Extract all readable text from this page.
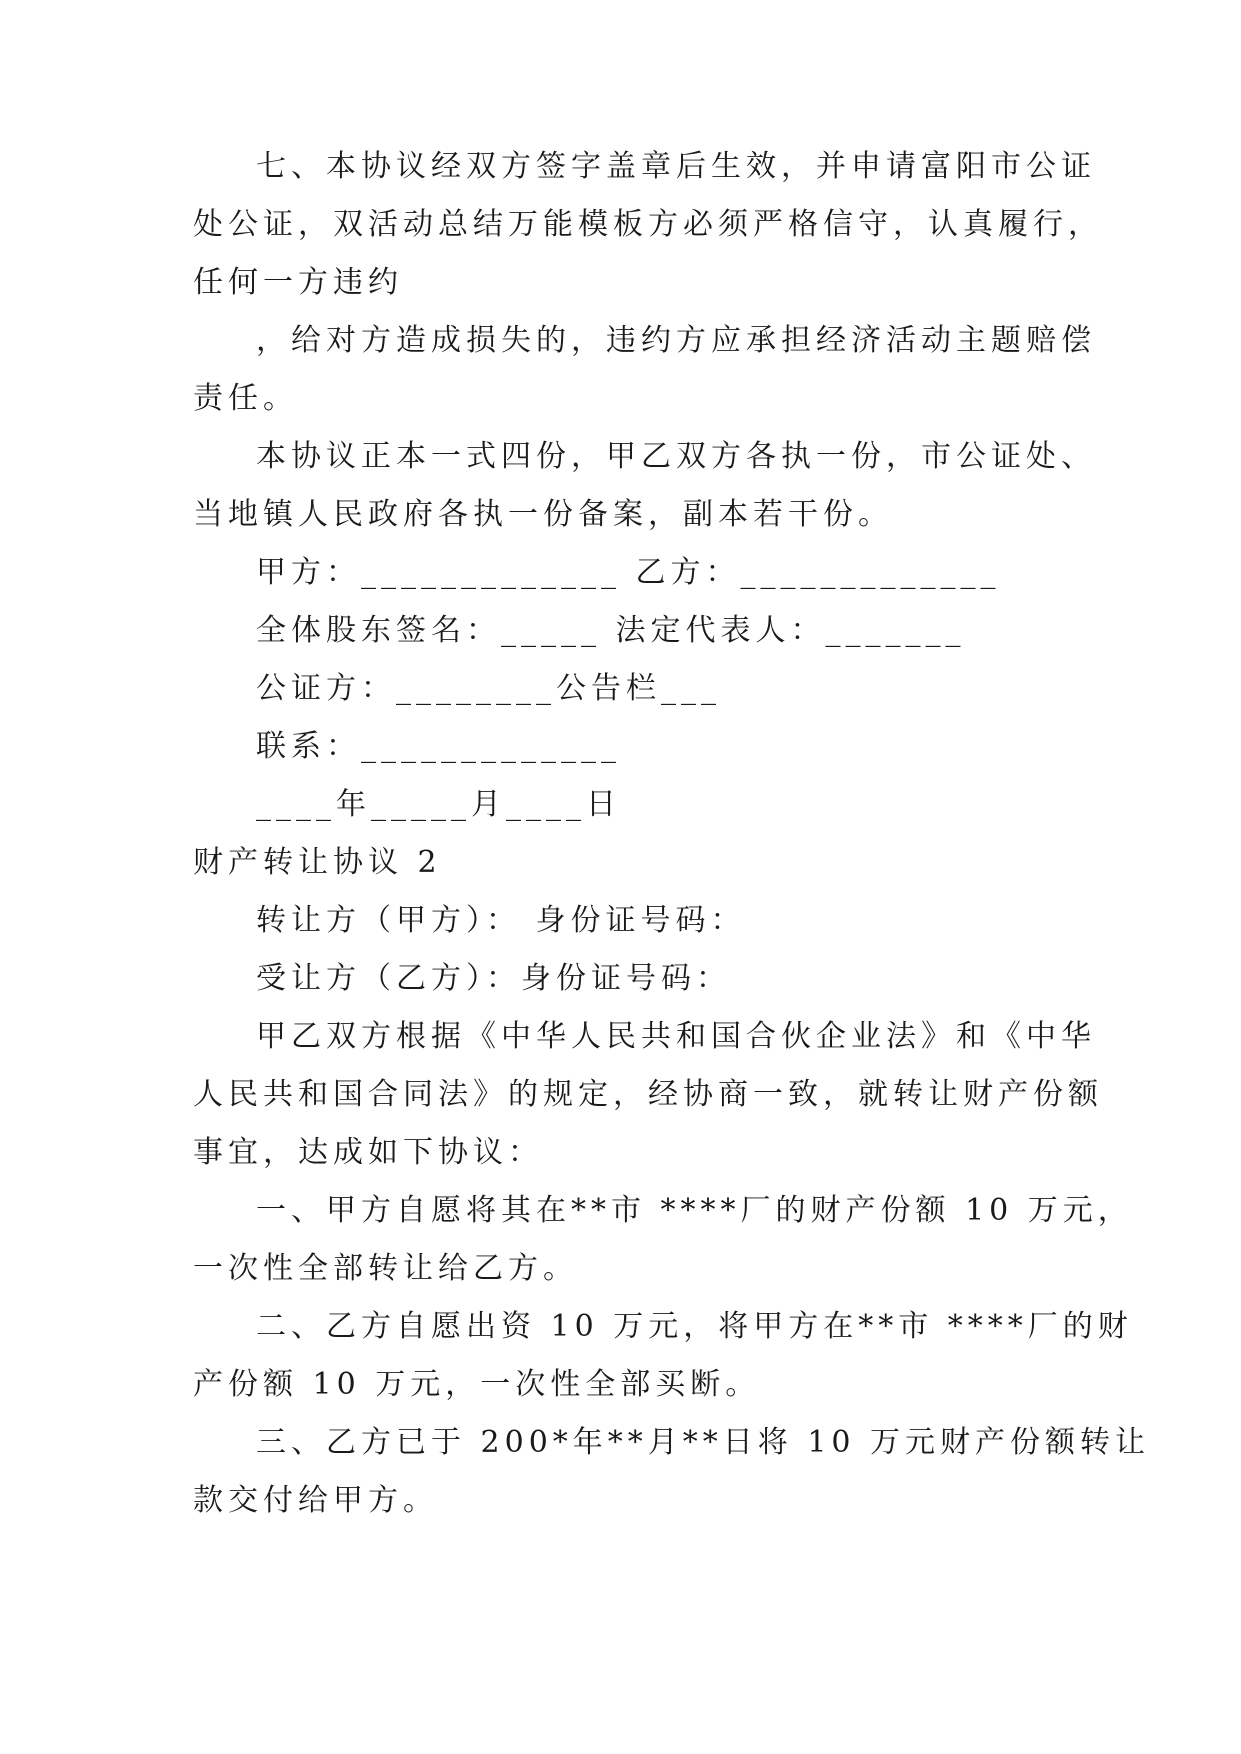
七、本协议经双方签字盖章后生效，并申请富阳市公证
处公证，双活动总结万能模板方必须严格信守，认真履行，
任何一方违约
，给对方造成损失的，违约方应承担经济活动主题赔偿
责任。
本协议正本一式四份，甲乙双方各执一份，市公证处、
当地镇人民政府各执一份备案，副本若干份。
甲方：_____________ 乙方：_____________
全体股东签名：_____ 法定代表人：_______
公证方：________公告栏___
联系：_____________
____年_____月____日
财产转让协议 2
转让方（甲方）： 身份证号码：
受让方（乙方）：身份证号码：
甲乙双方根据《中华人民共和国合伙企业法》和《中华
人民共和国合同法》的规定，经协商一致，就转让财产份额
事宜，达成如下协议：
一、甲方自愿将其在**市 ****厂的财产份额 10 万元，
一次性全部转让给乙方。
二、乙方自愿出资 10 万元，将甲方在**市 ****厂的财
产份额 10 万元，一次性全部买断。
三、乙方已于 200*年**月**日将 10 万元财产份额转让
款交付给甲方。
